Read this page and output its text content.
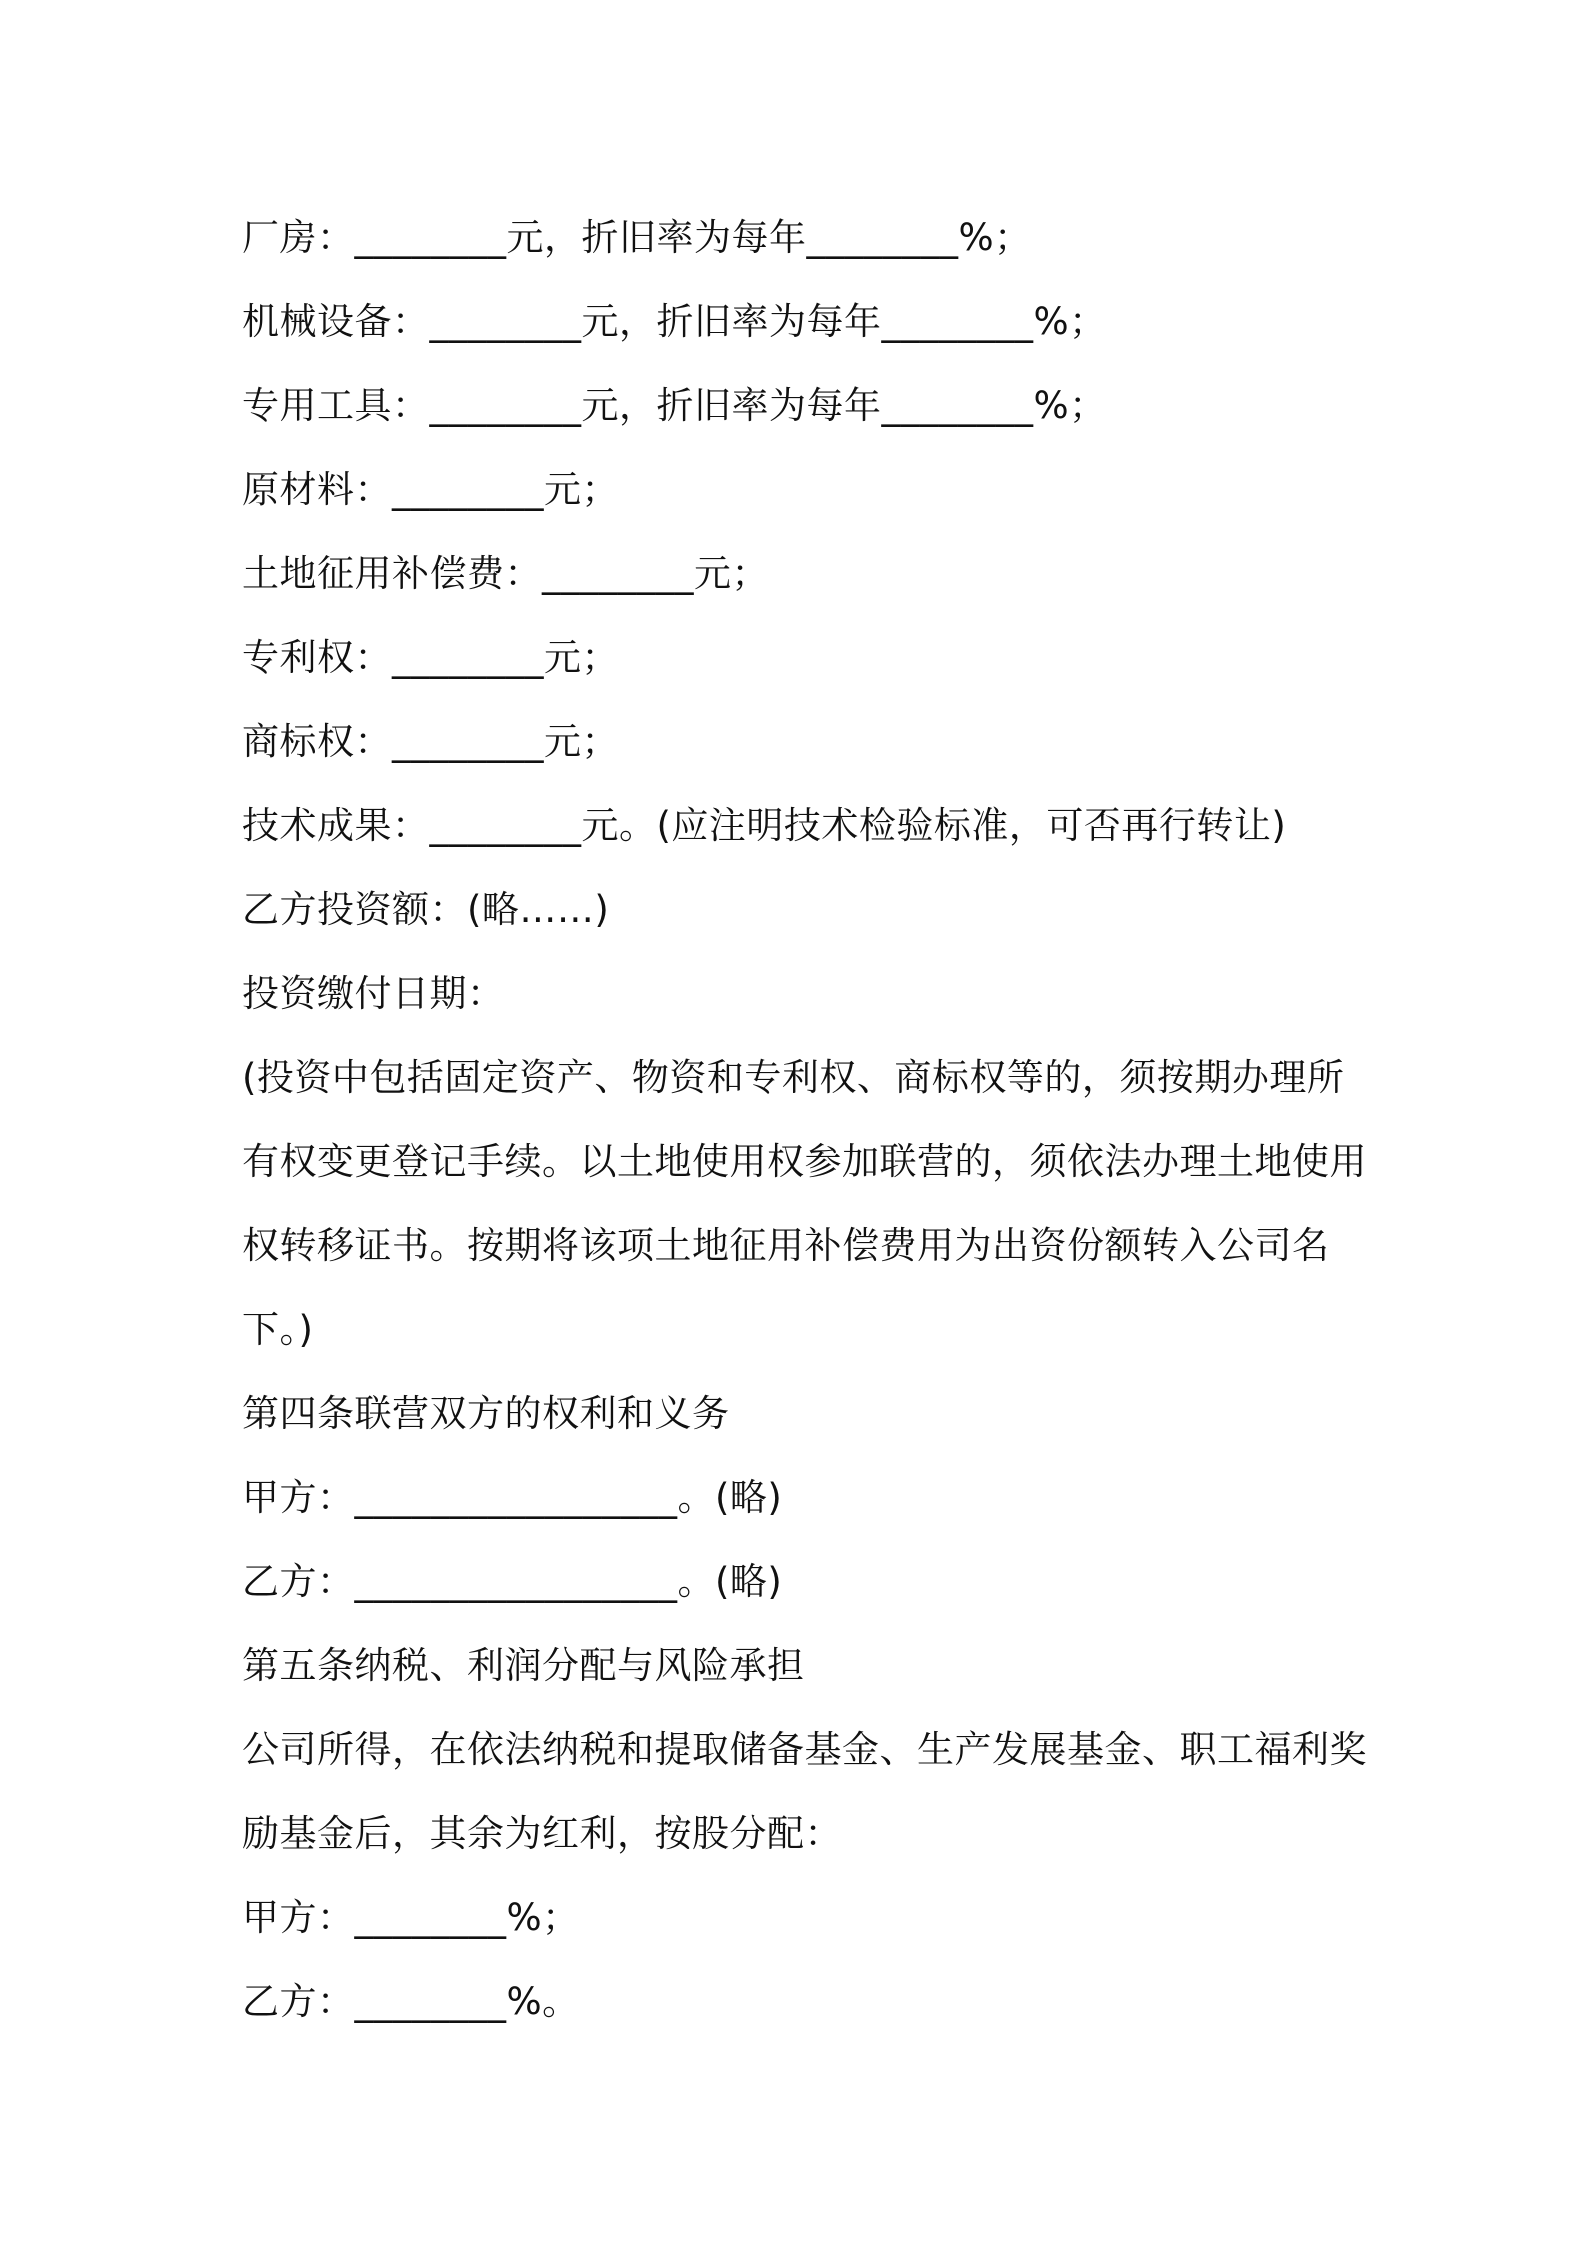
厂房：________元，折旧率为每年________%；
机械设备：________元，折旧率为每年________%；
专用工具：________元，折旧率为每年________%；
原材料：________元；
土地征用补偿费：________元；
专利权：________元；
商标权：________元；
技术成果：________元。(应注明技术检验标准，可否再行转让)
乙方投资额：(略……)
投资缴付日期：
(投资中包括固定资产、物资和专利权、商标权等的，须按期办理所
有权变更登记手续。以土地使用权参加联营的，须依法办理土地使用
权转移证书。按期将该项土地征用补偿费用为出资份额转入公司名
下。)
第四条联营双方的权利和义务
甲方：_________________。(略)
乙方：_________________。(略)
第五条纳税、利润分配与风险承担
公司所得，在依法纳税和提取储备基金、生产发展基金、职工福利奖
励基金后，其余为红利，按股分配：
甲方：________%；
乙方：________%。
